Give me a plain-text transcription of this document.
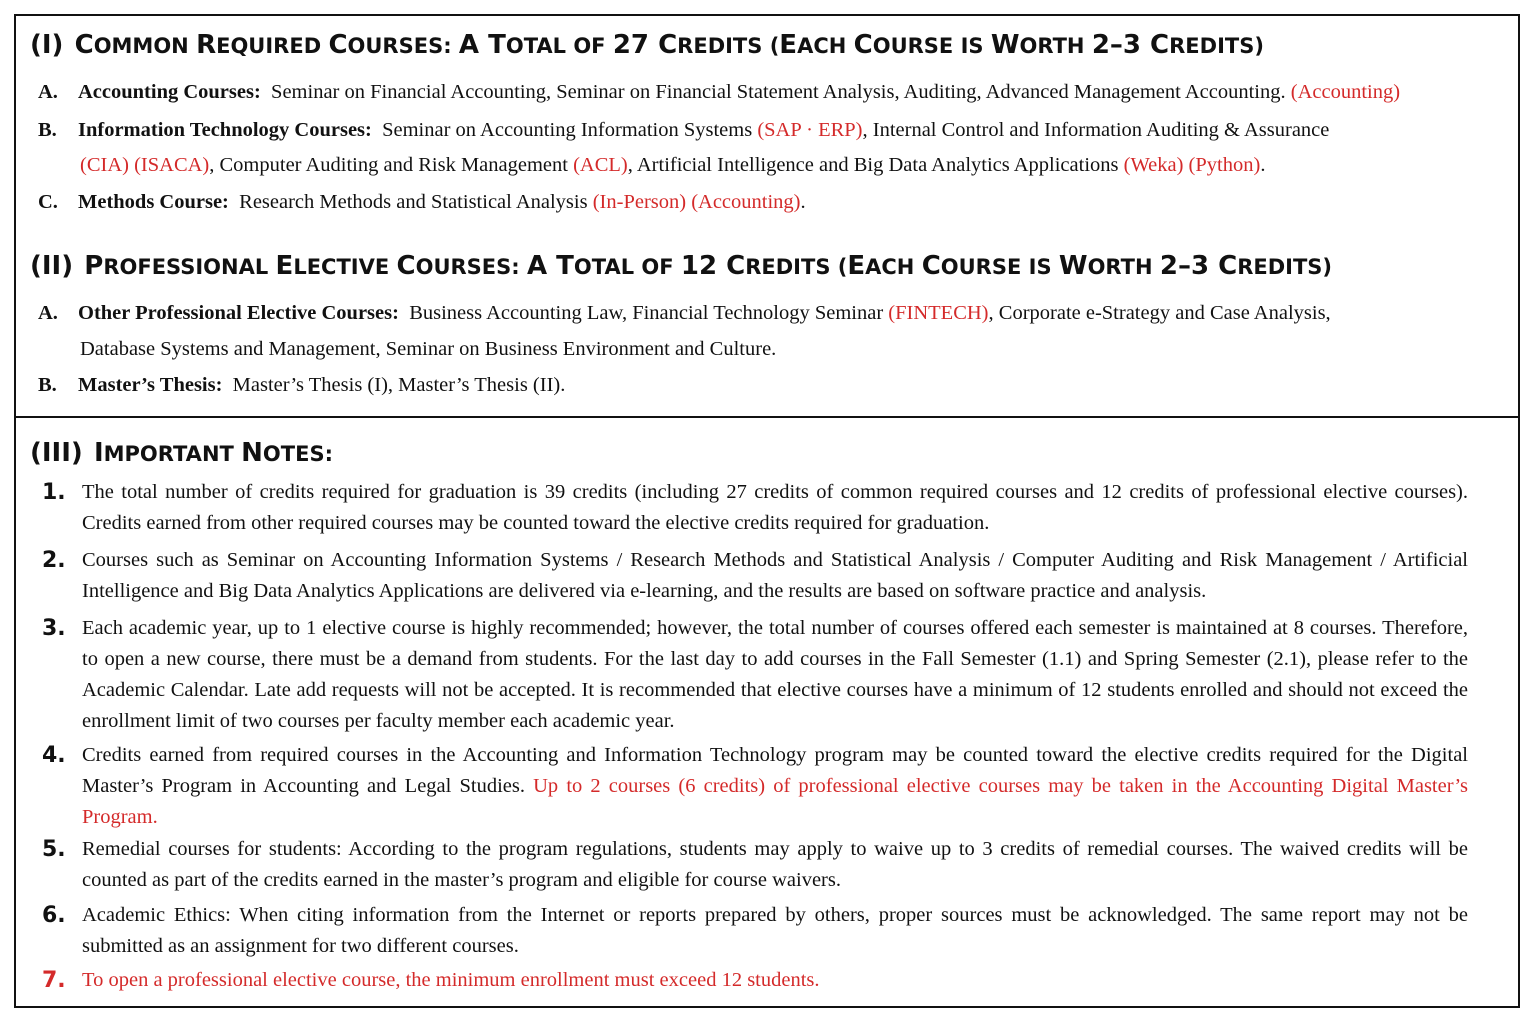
(I) COMMON REQUIRED COURSES: A TOTAL OF 27 CREDITS (EACH COURSE IS WORTH 2–3 CREDITS)
A. Accounting Courses: Seminar on Financial Accounting, Seminar on Financial Statement Analysis, Auditing, Advanced Management Accounting. (Accounting)
B. Information Technology Courses: Seminar on Accounting Information Systems (SAP · ERP), Internal Control and Information Auditing & Assurance
(CIA) (ISACA), Computer Auditing and Risk Management (ACL), Artificial Intelligence and Big Data Analytics Applications (Weka) (Python).
C. Methods Course: Research Methods and Statistical Analysis (In-Person) (Accounting).
(II) PROFESSIONAL ELECTIVE COURSES: A TOTAL OF 12 CREDITS (EACH COURSE IS WORTH 2–3 CREDITS)
A. Other Professional Elective Courses: Business Accounting Law, Financial Technology Seminar (FINTECH), Corporate e-Strategy and Case Analysis,
Database Systems and Management, Seminar on Business Environment and Culture.
B. Master’s Thesis: Master’s Thesis (I), Master’s Thesis (II).
(III) IMPORTANT NOTES:
1. The total number of credits required for graduation is 39 credits (including 27 credits of common required courses and 12 credits of professional elective courses). Credits earned from other required courses may be counted toward the elective credits required for graduation.
2. Courses such as Seminar on Accounting Information Systems / Research Methods and Statistical Analysis / Computer Auditing and Risk Management / Artificial Intelligence and Big Data Analytics Applications are delivered via e-learning, and the results are based on software practice and analysis.
3. Each academic year, up to 1 elective course is highly recommended; however, the total number of courses offered each semester is maintained at 8 courses. Therefore, to open a new course, there must be a demand from students. For the last day to add courses in the Fall Semester (1.1) and Spring Semester (2.1), please refer to the Academic Calendar. Late add requests will not be accepted. It is recommended that elective courses have a minimum of 12 students enrolled and should not exceed the enrollment limit of two courses per faculty member each academic year.
4. Credits earned from required courses in the Accounting and Information Technology program may be counted toward the elective credits required for the Digital Master’s Program in Accounting and Legal Studies. Up to 2 courses (6 credits) of professional elective courses may be taken in the Accounting Digital Master’s Program.
5. Remedial courses for students: According to the program regulations, students may apply to waive up to 3 credits of remedial courses. The waived credits will be counted as part of the credits earned in the master’s program and eligible for course waivers.
6. Academic Ethics: When citing information from the Internet or reports prepared by others, proper sources must be acknowledged. The same report may not be submitted as an assignment for two different courses.
7. To open a professional elective course, the minimum enrollment must exceed 12 students.
